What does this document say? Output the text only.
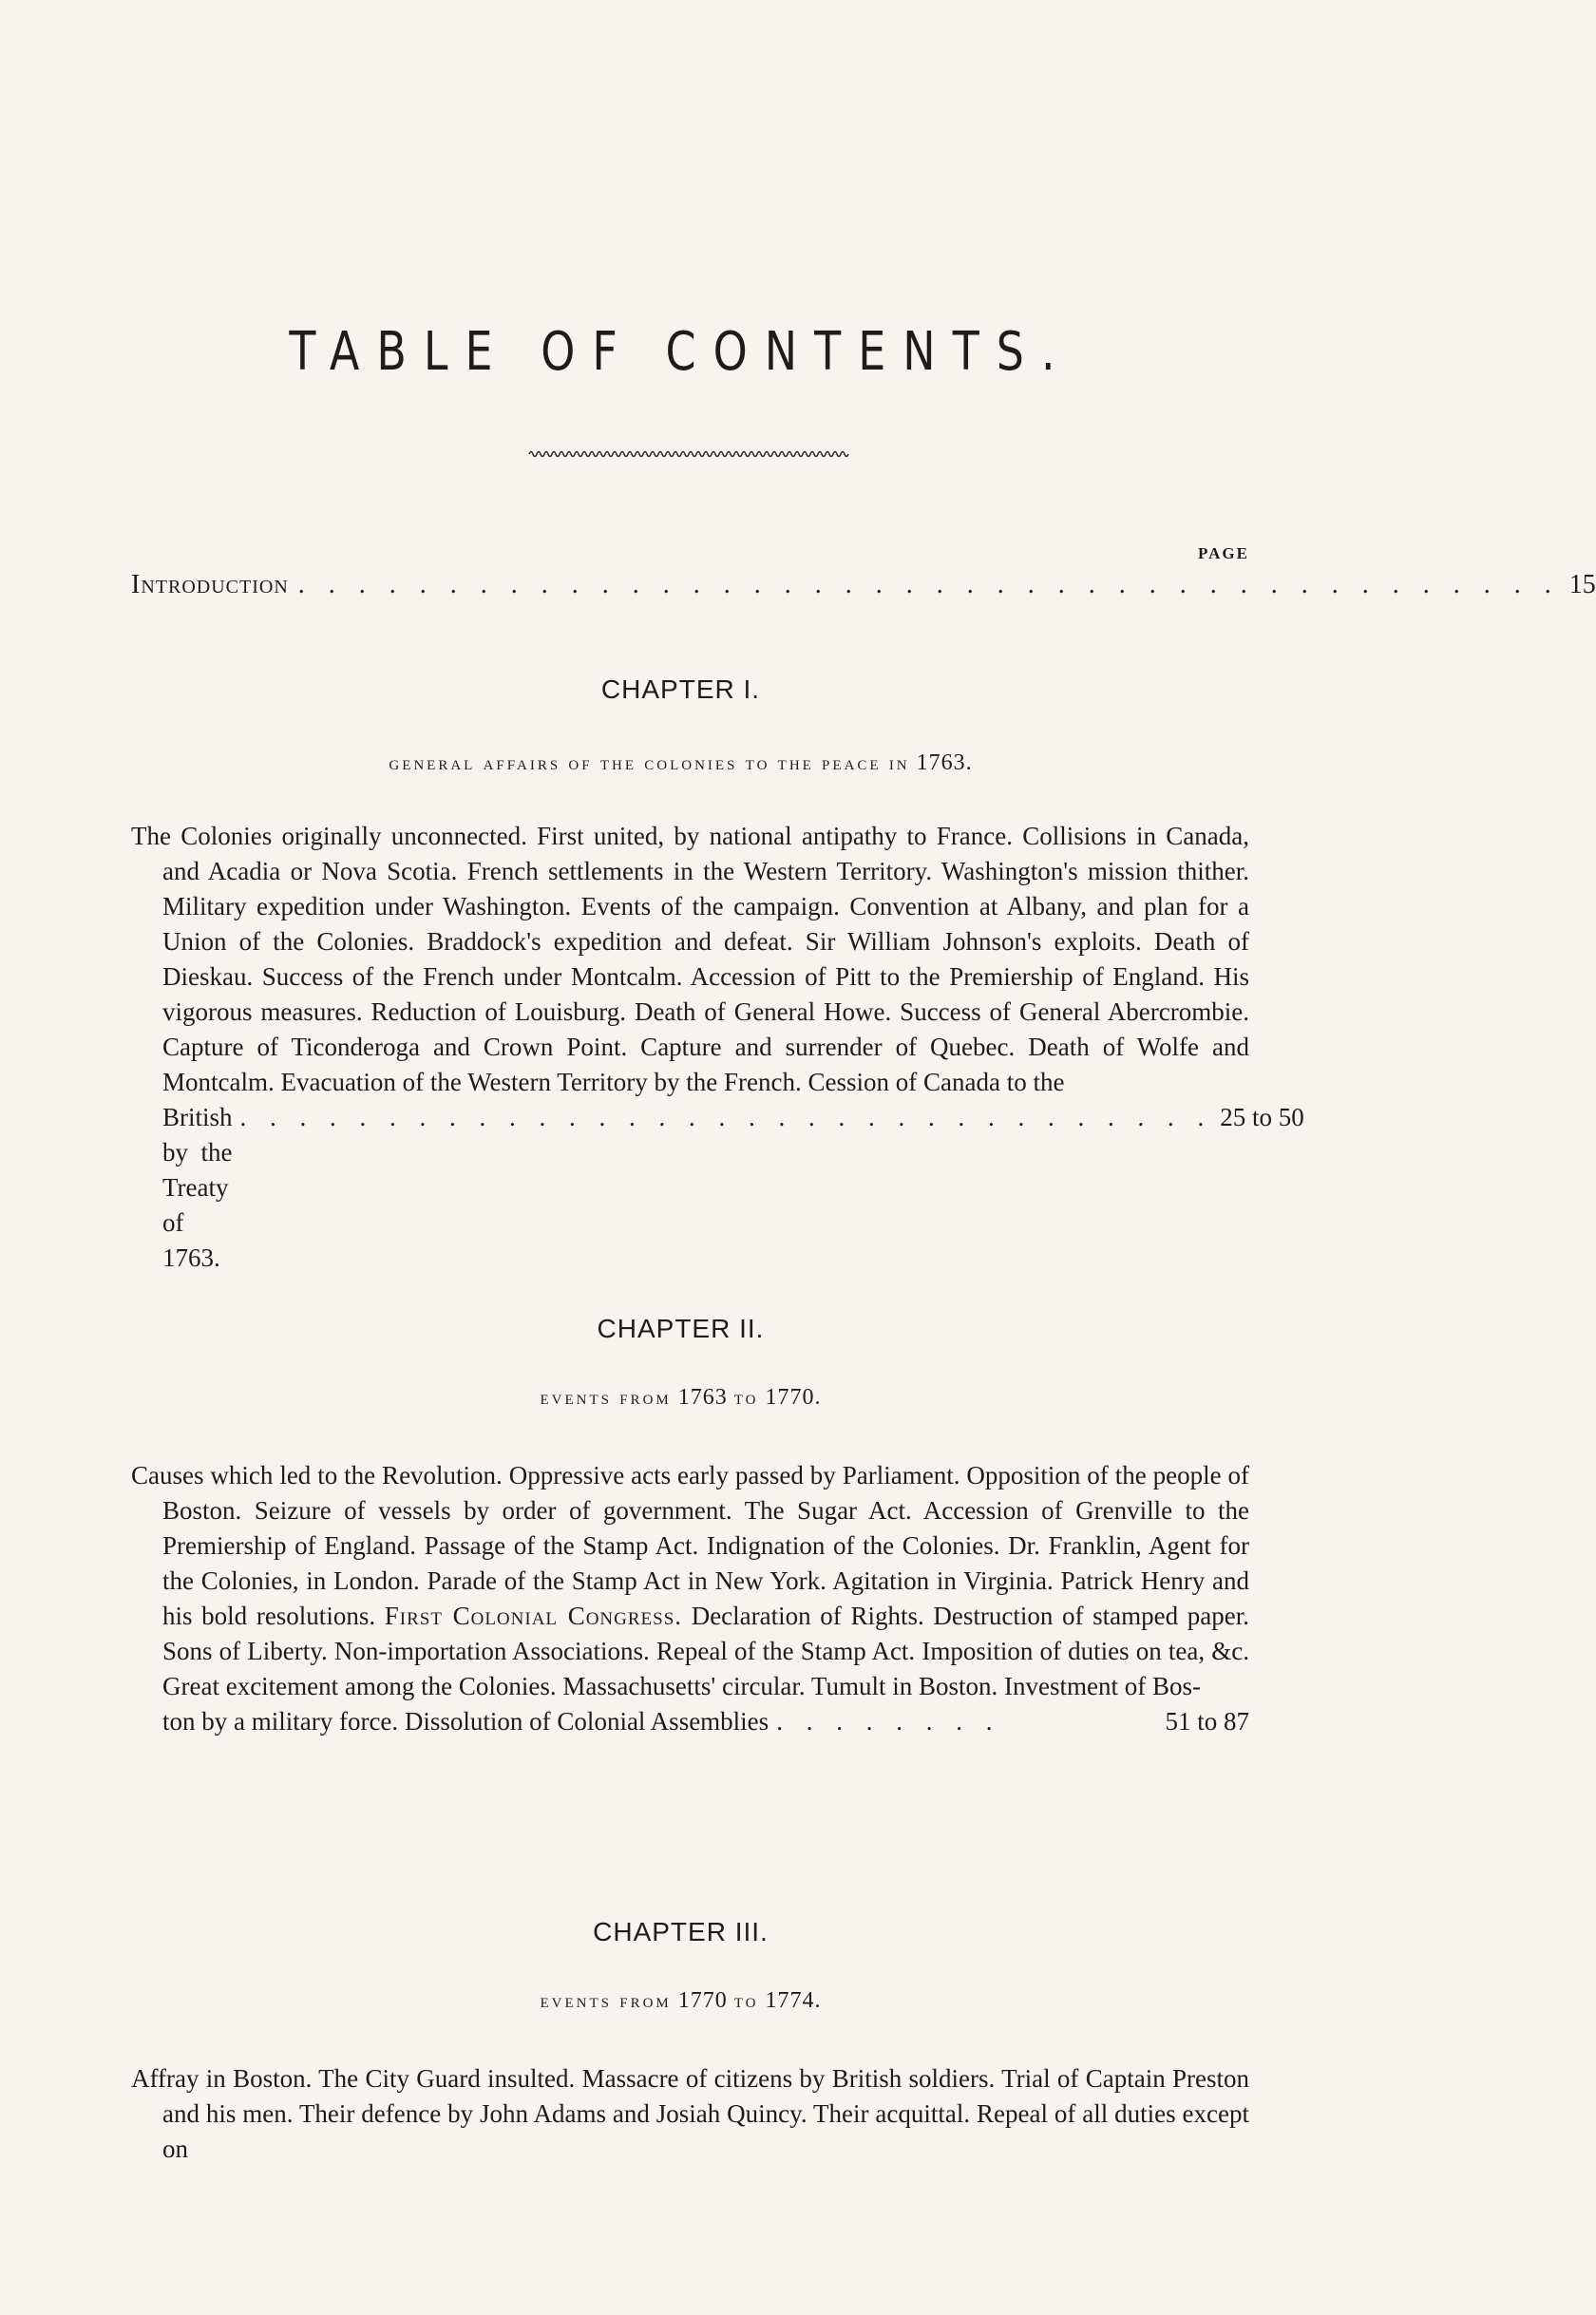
TABLE OF CONTENTS.
PAGE
Introduction . . . . . . . . . . . . . . . . . . . . . . . . . . . . . . . . . . . . . . . . . . 15
CHAPTER I.
general affairs of the colonies to the peace in 1763.

The Colonies originally unconnected. First united, by national antipathy to France. Collisions in Canada, and Acadia or Nova Scotia. French settlements in the Western Territory. Washington's mission thither. Military expedition under Washington. Events of the campaign. Convention at Albany, and plan for a Union of the Colonies. Braddock's expedition and defeat. Sir William Johnson's exploits. Death of Dieskau. Success of the French under Montcalm. Accession of Pitt to the Premiership of England. His vigorous measures. Reduction of Louisburg. Death of General Howe. Success of General Abercrombie. Capture of Ticonderoga and Crown Point. Capture and surrender of Quebec. Death of Wolfe and Montcalm. Evacuation of the Western Territory by the French. Cession of Canada to the

British by the Treaty of 1763.
. . . . . . . . . . . . . . . . . . . . . . . . . . . . . . . . . 25 to 50
CHAPTER II.
events from 1763 to 1770.

Causes which led to the Revolution. Oppressive acts early passed by Parliament. Opposition of the people of Boston. Seizure of vessels by order of government. The Sugar Act. Accession of Grenville to the Premiership of England. Passage of the Stamp Act. Indignation of the Colonies. Dr. Franklin, Agent for the Colonies, in London. Parade of the Stamp Act in New York. Agitation in Virginia. Patrick Henry and his bold resolutions. First Colonial Congress. Declaration of Rights. Destruction of stamped paper. Sons of Liberty. Non-importation Associations. Repeal of the Stamp Act. Imposition of duties on tea, &c. Great excitement among the Colonies. Massachusetts' circular. Tumult in Boston. Investment of Bos-

ton by a military force. Dissolution of Colonial Assemblies . . . . . . . .	51 to 87
CHAPTER III.
events from 1770 to 1774.

Affray in Boston. The City Guard insulted. Massacre of citizens by British soldiers. Trial of Captain Preston and his men. Their defence by John Adams and Josiah Quincy. Their acquittal. Repeal of all duties except on
